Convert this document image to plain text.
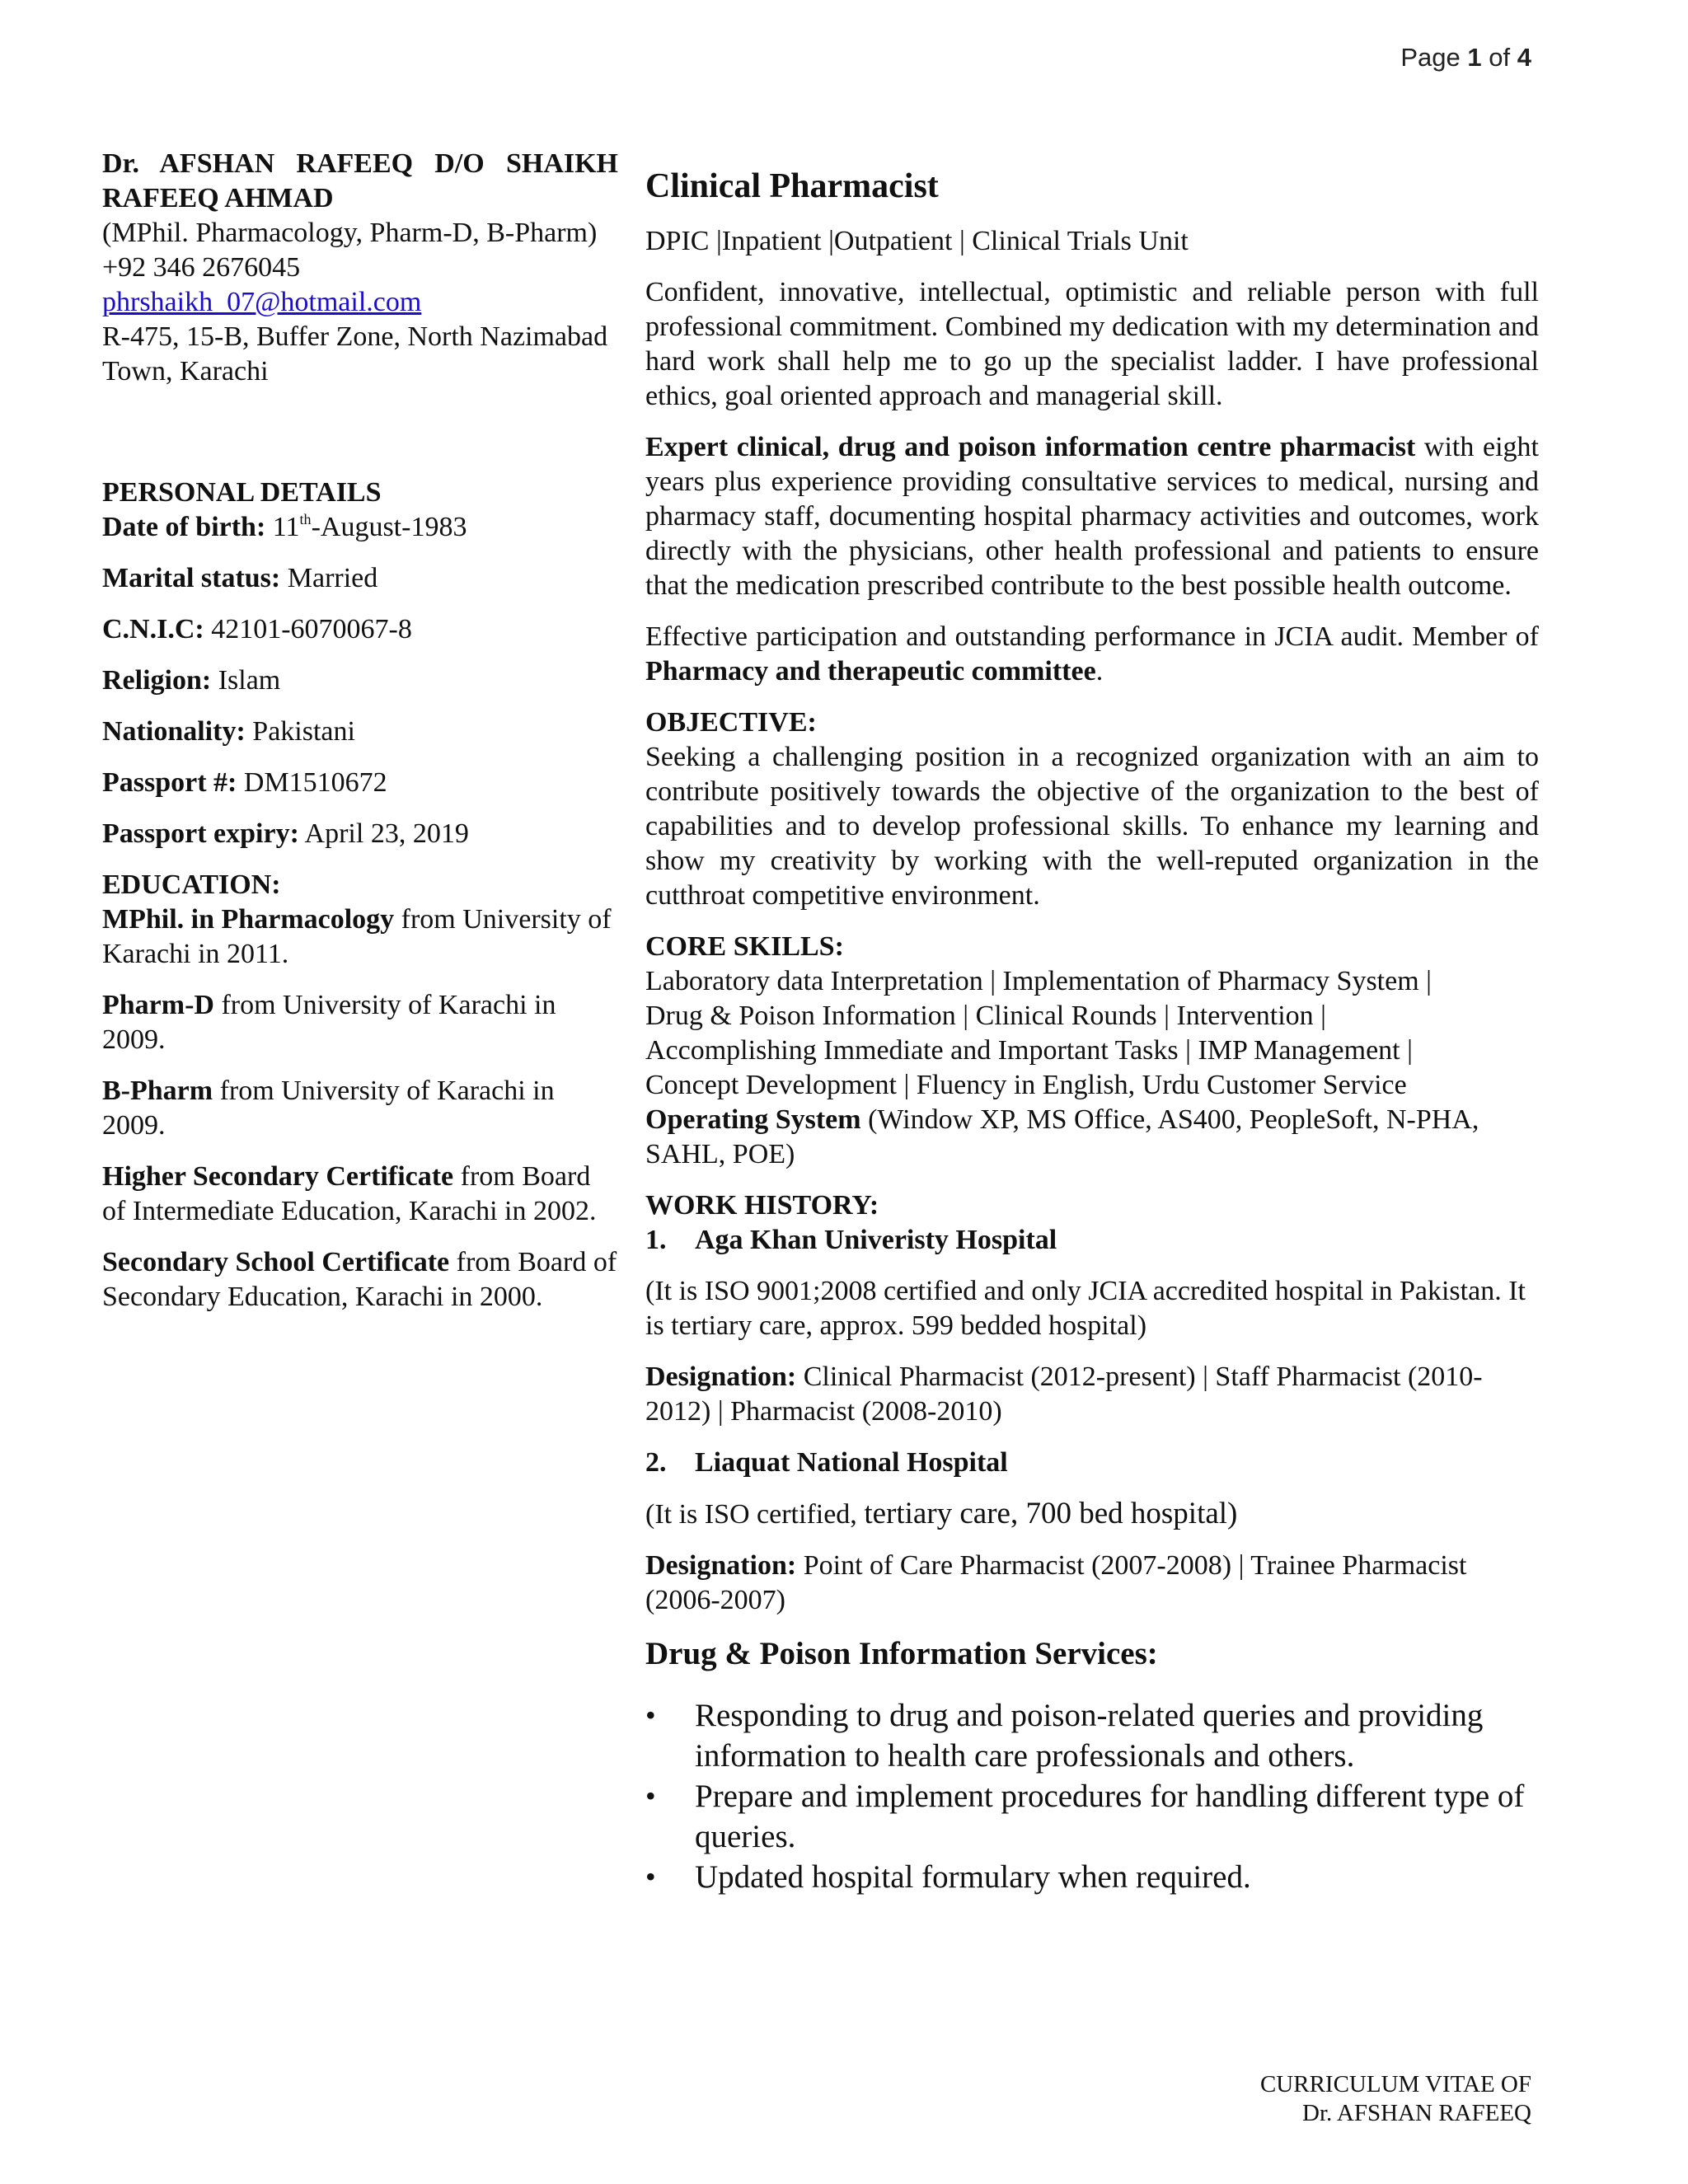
Page 1 of 4

Dr. AFSHAN RAFEEQ D/O SHAIKH RAFEEQ AHMAD

(MPhil. Pharmacology, Pharm-D, B-Pharm)

+92 346 2676045

phrshaikh_07@hotmail.com

R-475, 15-B, Buffer Zone, North Nazimabad Town, Karachi

PERSONAL DETAILS

Date of birth: 11th-August-1983

Marital status: Married

C.N.I.C: 42101-6070067-8

Religion: Islam

Nationality: Pakistani

Passport #: DM1510672

Passport expiry: April 23, 2019

EDUCATION:

MPhil. in Pharmacology from University of Karachi in 2011.

Pharm-D from University of Karachi in 2009.

B-Pharm from University of Karachi in 2009.

Higher Secondary Certificate from Board of Intermediate Education, Karachi in 2002.

Secondary School Certificate from Board of Secondary Education, Karachi in 2000.

Clinical Pharmacist

DPIC |Inpatient |Outpatient | Clinical Trials Unit

Confident, innovative, intellectual, optimistic and reliable person with full professional commitment. Combined my dedication with my determination and hard work shall help me to go up the specialist ladder. I have professional ethics, goal oriented approach and managerial skill.

Expert clinical, drug and poison information centre pharmacist with eight years plus experience providing consultative services to medical, nursing and pharmacy staff, documenting hospital pharmacy activities and outcomes, work directly with the physicians, other health professional and patients to ensure that the medication prescribed contribute to the best possible health outcome.

Effective participation and outstanding performance in JCIA audit. Member of Pharmacy and therapeutic committee.

OBJECTIVE:

Seeking a challenging position in a recognized organization with an aim to contribute positively towards the objective of the organization to the best of capabilities and to develop professional skills. To enhance my learning and show my creativity by working with the well-reputed organization in the cutthroat competitive environment.

CORE SKILLS:

Laboratory data Interpretation | Implementation of Pharmacy System |

Drug & Poison Information | Clinical Rounds | Intervention |

Accomplishing Immediate and Important Tasks | IMP Management |

Concept Development | Fluency in English, Urdu Customer Service

Operating System (Window XP, MS Office, AS400, PeopleSoft, N-PHA, SAHL, POE)

WORK HISTORY:

1.	Aga Khan Univeristy Hospital

(It is ISO 9001;2008 certified and only JCIA accredited hospital in Pakistan. It is tertiary care, approx. 599 bedded hospital)

Designation: Clinical Pharmacist (2012-present) | Staff Pharmacist (2010-2012) | Pharmacist (2008-2010)

2.	Liaquat National Hospital

(It is ISO certified, tertiary care, 700 bed hospital)

Designation: Point of Care Pharmacist (2007-2008) | Trainee Pharmacist (2006-2007)

Drug & Poison Information Services:

•	Responding to drug and poison-related queries and providing information to health care professionals and others.
•	Prepare and implement procedures for handling different type of queries.
•	Updated hospital formulary when required.
CURRICULUM VITAE OF
Dr. AFSHAN RAFEEQ
